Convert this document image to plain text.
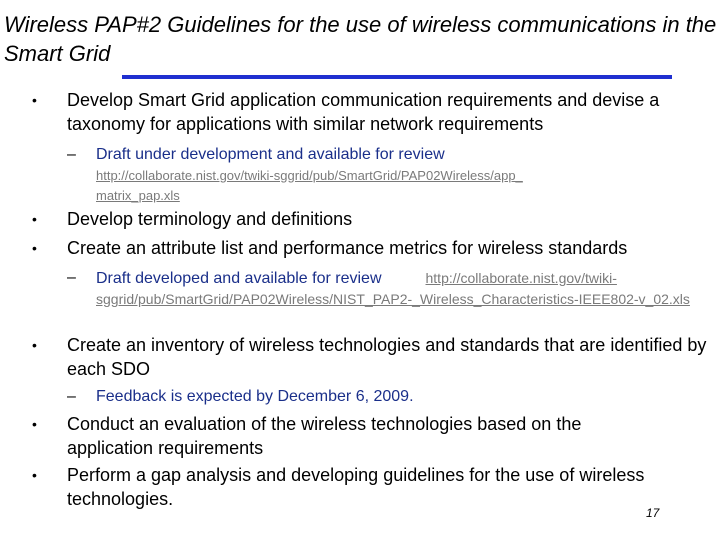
Wireless PAP#2 Guidelines for the use of wireless communications in the Smart Grid
• Develop Smart Grid application communication requirements and devise a taxonomy for applications with similar network requirements
– Draft under development and available for review
http://collaborate.nist.gov/twiki-sggrid/pub/SmartGrid/PAP02Wireless/app_matrix_pap.xls
• Develop terminology and definitions
• Create an attribute list and performance metrics for wireless standards
– Draft developed and available for review	http://collaborate.nist.gov/twiki-sggrid/pub/SmartGrid/PAP02Wireless/NIST_PAP2-_Wireless_Characteristics-IEEE802-v_02.xls
• Create an inventory of wireless technologies and standards that are identified by each SDO
– Feedback is expected by December 6, 2009.
• Conduct an evaluation of the wireless technologies based on the application requirements
• Perform a gap analysis and developing guidelines for the use of wireless technologies.
17
